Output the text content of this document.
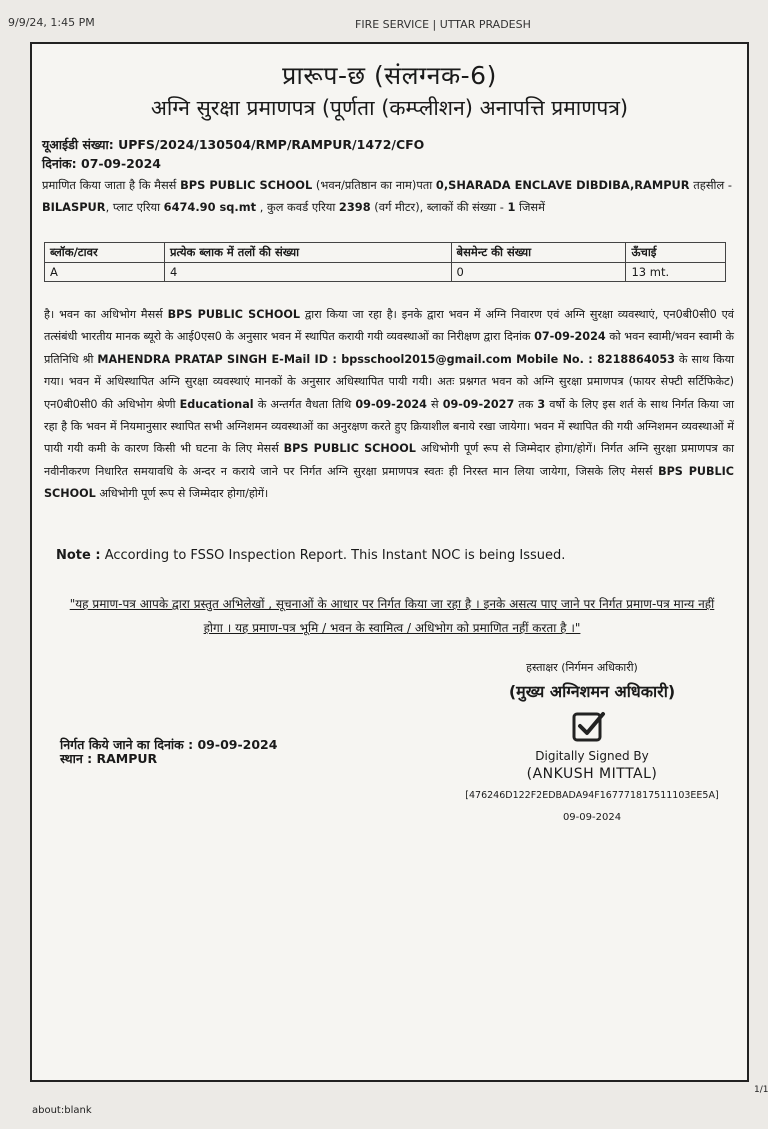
9/9/24, 1:45 PM	FIRE SERVICE | UTTAR PRADESH
प्रारूप-छ (संलग्नक-6)
अग्नि सुरक्षा प्रमाणपत्र (पूर्णता (कम्प्लीशन) अनापत्ति प्रमाणपत्र)
यूआईडी संख्या: UPFS/2024/130504/RMP/RAMPUR/1472/CFO
दिनांक: 07-09-2024
प्रमाणित किया जाता है कि मैसर्स BPS PUBLIC SCHOOL (भवन/प्रतिष्ठान का नाम)पता 0,SHARADA ENCLAVE DIBDIBA,RAMPUR तहसील - BILASPUR, प्लाट एरिया 6474.90 sq.mt , कुल कवर्ड एरिया 2398 (वर्ग मीटर), ब्लाकों की संख्या - 1 जिसमें
ब्लॉक/टावर	प्रत्येक ब्लाक में तलों की संख्या	बेसमेन्ट की संख्या	ऊँचाई
A	4	0	13 mt.
है। भवन का अधिभोग मैसर्स BPS PUBLIC SCHOOL द्वारा किया जा रहा है। इनके द्वारा भवन में अग्नि निवारण एवं अग्नि सुरक्षा व्यवस्थाएं, एन0बी0सी0 एवं तत्संबंधी भारतीय मानक ब्यूरो के आई0एस0 के अनुसार भवन में स्थापित करायी गयी व्यवस्थाओं का निरीक्षण द्वारा दिनांक 07-09-2024 को भवन स्वामी/भवन स्वामी के प्रतिनिधि श्री MAHENDRA PRATAP SINGH E-Mail ID : bpsschool2015@gmail.com Mobile No. : 8218864053 के साथ किया गया। भवन में अधिस्थापित अग्नि सुरक्षा व्यवस्थाएं मानकों के अनुसार अधिस्थापित पायी गयी। अतः प्रश्नगत भवन को अग्नि सुरक्षा प्रमाणपत्र (फायर सेफ्टी सर्टिफिकेट) एन0बी0सी0 की अधिभोग श्रेणी Educational के अन्तर्गत वैधता तिथि 09-09-2024 से 09-09-2027 तक 3 वर्षो के लिए इस शर्त के साथ निर्गत किया जा रहा है कि भवन में नियमानुसार स्थापित सभी अग्निशमन व्यवस्थाओं का अनुरक्षण करते हुए क्रियाशील बनाये रखा जायेगा। भवन में स्थापित की गयी अग्निशमन व्यवस्थाओं में पायी गयी कमी के कारण किसी भी घटना के लिए मेसर्स BPS PUBLIC SCHOOL अधिभोगी पूर्ण रूप से जिम्मेदार होगा/होगें। निर्गत अग्नि सुरक्षा प्रमाणपत्र का नवीनीकरण निधारित समयावधि के अन्दर न कराये जाने पर निर्गत अग्नि सुरक्षा प्रमाणपत्र स्वतः ही निरस्त मान लिया जायेगा, जिसके लिए मेसर्स BPS PUBLIC SCHOOL अधिभोगी पूर्ण रूप से जिम्मेदार होगा/होगें।
Note : According to FSSO Inspection Report. This Instant NOC is being Issued.
"यह प्रमाण-पत्र आपके द्वारा प्रस्तुत अभिलेखों , सूचनाओं के आधार पर निर्गत किया जा रहा है । इनके असत्य पाए जाने पर निर्गत प्रमाण-पत्र मान्य नहीं होगा । यह प्रमाण-पत्र भूमि / भवन के स्वामित्व / अधिभोग को प्रमाणित नहीं करता है ।"
हस्ताक्षर (निर्गमन अधिकारी)
(मुख्य अग्निशमन अधिकारी)
Digitally Signed By
(ANKUSH MITTAL)
[476246D122F2EDBADA94F167771817511103EE5A]
09-09-2024
निर्गत किये जाने का दिनांक : 09-09-2024
स्थान : RAMPUR
1/1
about:blank
